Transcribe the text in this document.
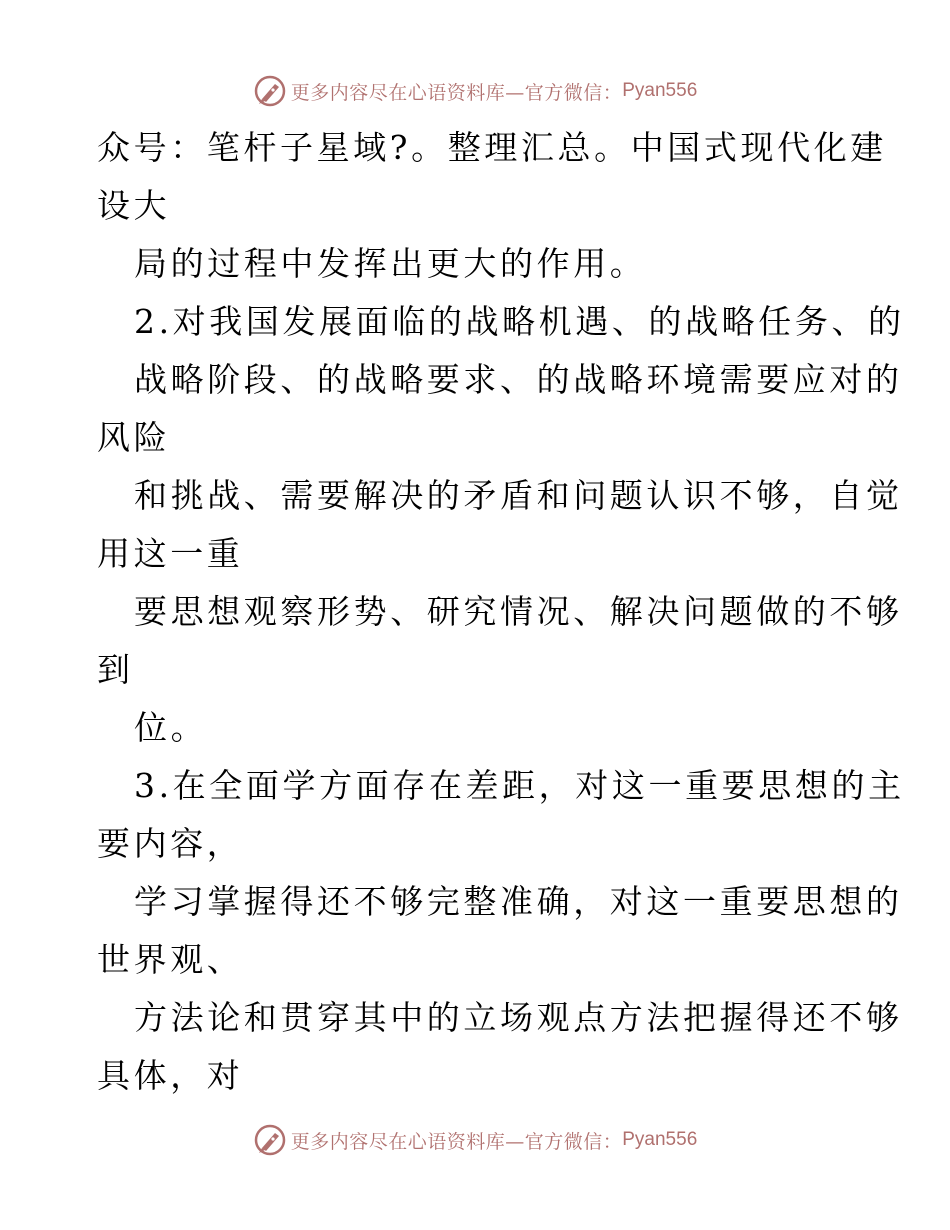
更多内容尽在心语资料库—官方微信： Pyan556
众号：笔杆子星域?。整理汇总。中国式现代化建
设大
局的过程中发挥出更大的作用。
2.对我国发展面临的战略机遇、的战略任务、的
战略阶段、的战略要求、的战略环境需要应对的
风险
和挑战、需要解决的矛盾和问题认识不够，自觉
用这一重
要思想观察形势、研究情况、解决问题做的不够
到
位。
3.在全面学方面存在差距，对这一重要思想的主
要内容，
学习掌握得还不够完整准确，对这一重要思想的
世界观、
方法论和贯穿其中的立场观点方法把握得还不够
具体，对
更多内容尽在心语资料库—官方微信： Pyan556
